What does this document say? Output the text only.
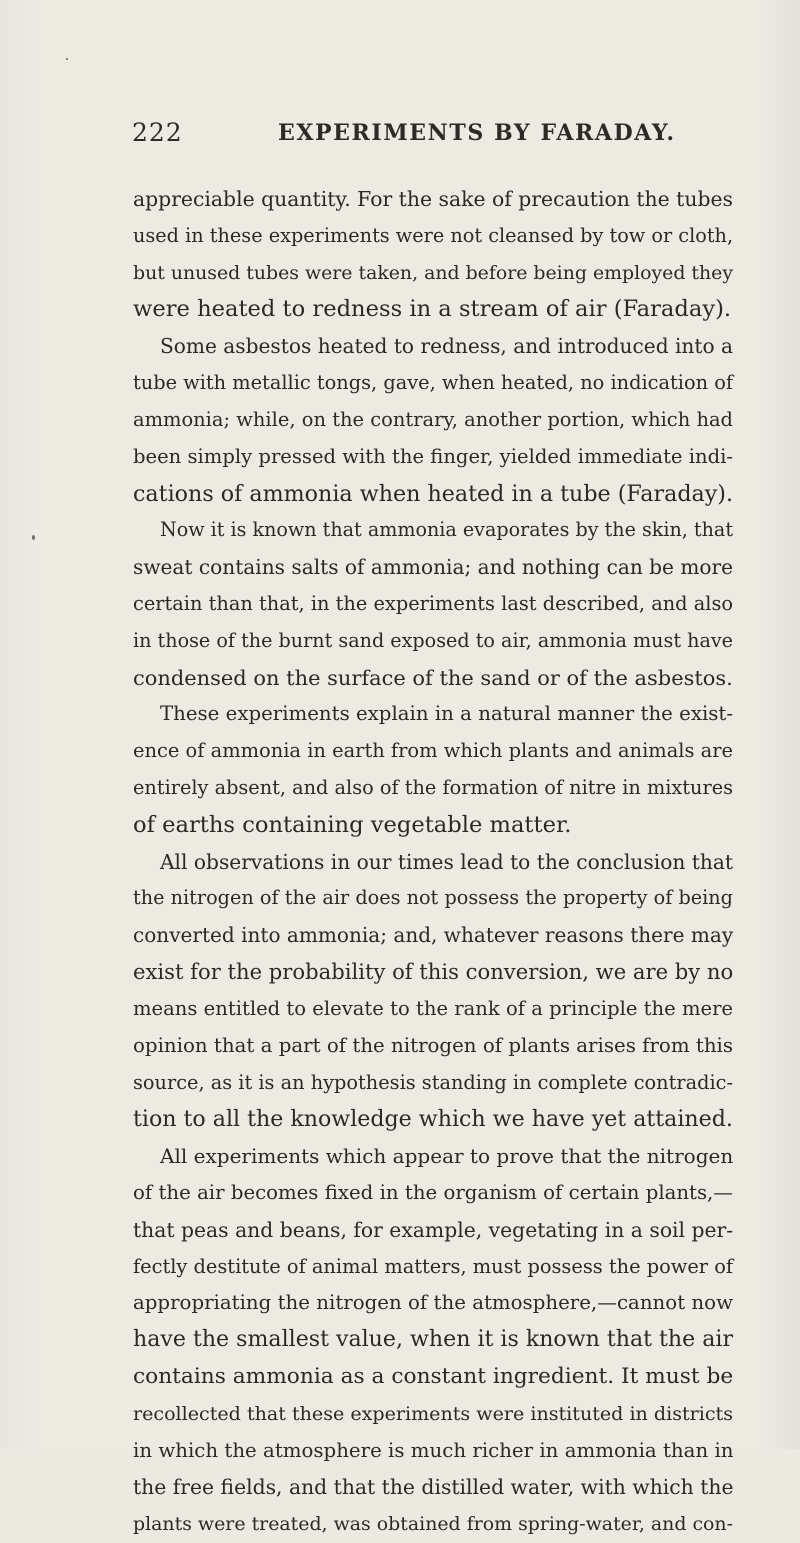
222	EXPERIMENTS BY FARADAY.
appreciable quantity. For the sake of precaution the tubes
used in these experiments were not cleansed by tow or cloth,
but unused tubes were taken, and before being employed they
were heated to redness in a stream of air (Faraday).
Some asbestos heated to redness, and introduced into a
tube with metallic tongs, gave, when heated, no indication of
ammonia; while, on the contrary, another portion, which had
been simply pressed with the finger, yielded immediate indi-
cations of ammonia when heated in a tube (Faraday).
Now it is known that ammonia evaporates by the skin, that
sweat contains salts of ammonia; and nothing can be more
certain than that, in the experiments last described, and also
in those of the burnt sand exposed to air, ammonia must have
condensed on the surface of the sand or of the asbestos.
These experiments explain in a natural manner the exist-
ence of ammonia in earth from which plants and animals are
entirely absent, and also of the formation of nitre in mixtures
of earths containing vegetable matter.
All observations in our times lead to the conclusion that
the nitrogen of the air does not possess the property of being
converted into ammonia; and, whatever reasons there may
exist for the probability of this conversion, we are by no
means entitled to elevate to the rank of a principle the mere
opinion that a part of the nitrogen of plants arises from this
source, as it is an hypothesis standing in complete contradic-
tion to all the knowledge which we have yet attained.
All experiments which appear to prove that the nitrogen
of the air becomes fixed in the organism of certain plants,—
that peas and beans, for example, vegetating in a soil per-
fectly destitute of animal matters, must possess the power of
appropriating the nitrogen of the atmosphere,—cannot now
have the smallest value, when it is known that the air
contains ammonia as a constant ingredient. It must be
recollected that these experiments were instituted in districts
in which the atmosphere is much richer in ammonia than in
the free fields, and that the distilled water, with which the
plants were treated, was obtained from spring-water, and con-
